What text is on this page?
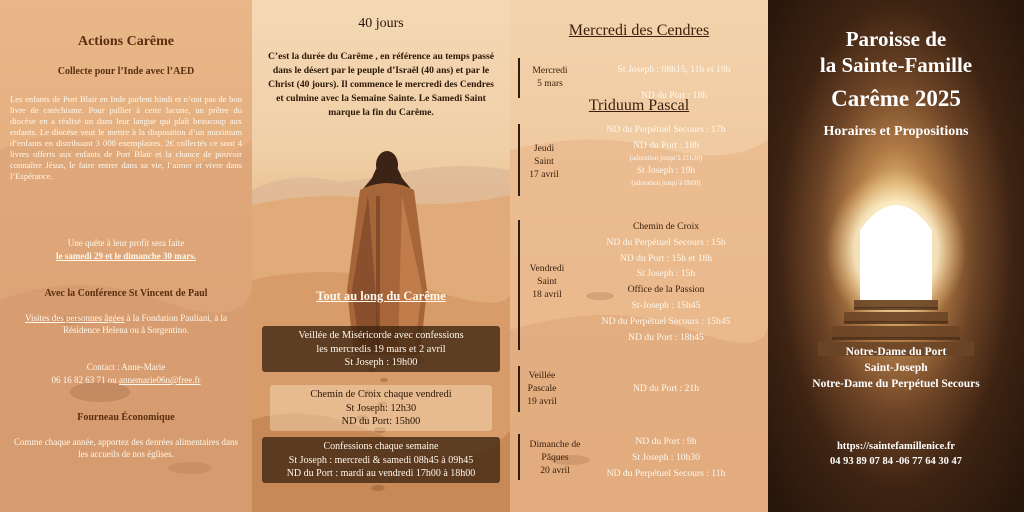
Actions Carême
Collecte pour l’Inde avec l’AED
Les enfants de Port Blair en Inde parlent hindi et n’ont pas de bon livre de catéchisme. Pour pallier à cette lacune, un prêtre du diocèse en a réalisé un dans leur langue qui plaît beaucoup aux enfants. Le diocèse veut le mettre à la disposition d’un maximum d’enfants en distribuant 3 000 exemplaires. 2€ collectés ce sont 4 livres offerts aux enfants de Port Blair et la chance de pouvoir connaître Jésus, le faire entrer dans sa vie, l’aimer et vivre dans l’Espérance.
Une quête à leur profit sera faite
le samedi 29 et le dimanche 30 mars.
Avec la Conférence St Vincent de Paul
Visites des personnes âgées à la Fondation Pauliani, à la Résidence Helena ou à Sorgentino.
Contact : Anne-Marie
06 16 82 63 71 ou annemarie06n@free.fr
Fourneau Économique
Comme chaque année, apportez des denrées alimentaires dans les accueils de nos églises.
40 jours
C’est la durée du Carême , en référence au temps passé dans le désert par le peuple d’Israël (40 ans) et par le Christ (40 jours). Il commence le mercredi des Cendres et culmine avec la Semaine Sainte. Le Samedi Saint marque la fin du Carême.
Tout au long du Carême
Veillée de Miséricorde avec confessions
les mercredis 19 mars et 2 avril
St Joseph : 19h00
Chemin de Croix chaque vendredi
St Joseph: 12h30
ND du Port: 15h00
Confessions chaque semaine
St Joseph : mercredi & samedi 08h45 à 09h45
ND du Port : mardi au vendredi 17h00 à 18h00
Mercredi des Cendres
Mercredi
5 mars
St Joseph : 08h15, 11h et 19h
ND du Port : 18h
Triduum Pascal
Jeudi
Saint
17 avril
ND du Perpétuel Secours : 17h
ND du Port : 18h
(adoration jusqu’à 21h30)
St Joseph : 19h
(adoration jusqu’à 0h00)
Vendredi
Saint
18 avril
Chemin de Croix
ND du Perpétuel Secours : 15h
ND du Port : 15h et 18h
St Joseph : 15h
Office de la Passion
St-Joseph : 15h45
ND du Perpétuel Secours : 15h45
ND du Port : 18h45
Veillée
Pascale
19 avril
ND du Port : 21h
Dimanche de
Pâques
20 avril
ND du Port : 9h
St Joseph : 10h30
ND du Perpétuel Secours : 11h
Paroisse de
la Sainte-Famille
Carême 2025
Horaires et Propositions
Notre-Dame du Port
Saint-Joseph
Notre-Dame du Perpétuel Secours
https://saintefamillenice.fr
04 93 89 07 84 -06 77 64 30 47
